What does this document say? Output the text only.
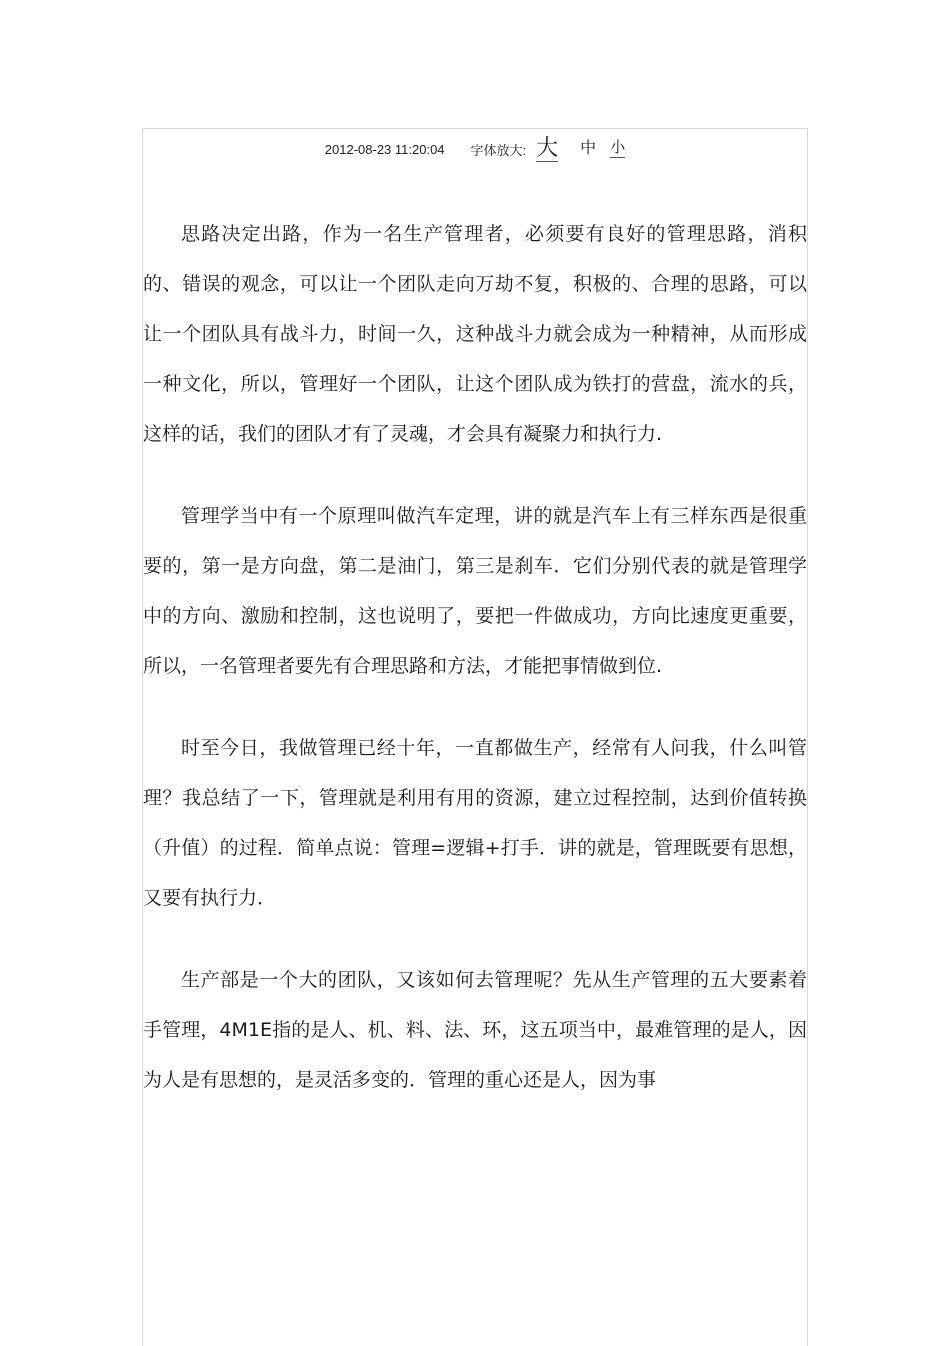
2012-08-23 11:20:04 字体放大: 大 中 小

思路决定出路，作为一名生产管理者，必须要有良好的管理思路，消积的、错误的观念，可以让一个团队走向万劫不复，积极的、合理的思路，可以让一个团队具有战斗力，时间一久，这种战斗力就会成为一种精神，从而形成一种文化，所以，管理好一个团队，让这个团队成为铁打的营盘，流水的兵，这样的话，我们的团队才有了灵魂，才会具有凝聚力和执行力.

管理学当中有一个原理叫做汽车定理，讲的就是汽车上有三样东西是很重要的，第一是方向盘，第二是油门，第三是刹车．它们分别代表的就是管理学中的方向、激励和控制，这也说明了，要把一件做成功，方向比速度更重要，所以，一名管理者要先有合理思路和方法，才能把事情做到位.

时至今日，我做管理已经十年，一直都做生产，经常有人问我，什么叫管理？我总结了一下，管理就是利用有用的资源，建立过程控制，达到价值转换（升值）的过程．简单点说：管理=逻辑+打手．讲的就是，管理既要有思想，又要有执行力．

生产部是一个大的团队，又该如何去管理呢？先从生产管理的五大要素着手管理，4M1E指的是人、机、料、法、环，这五项当中，最难管理的是人，因为人是有思想的，是灵活多变的．管理的重心还是人，因为事
